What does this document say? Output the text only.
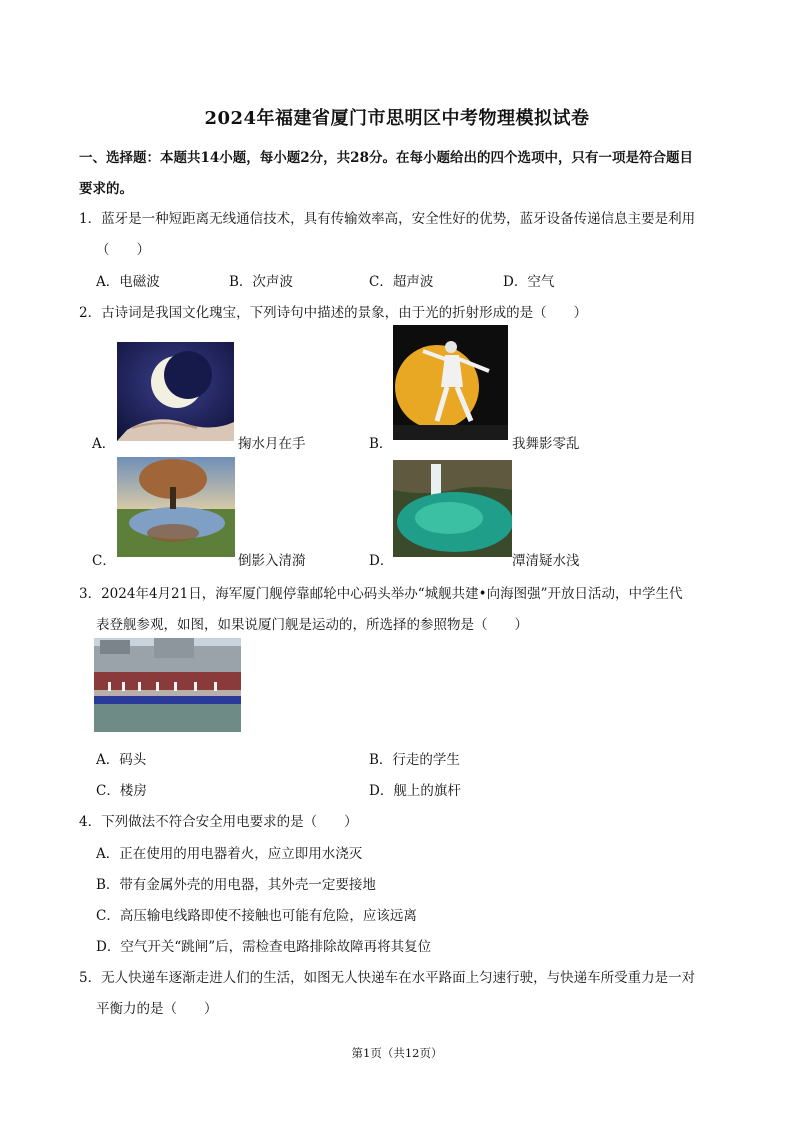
2024年福建省厦门市思明区中考物理模拟试卷
一、选择题：本题共14小题，每小题2分，共28分。在每小题给出的四个选项中，只有一项是符合题目
要求的。
1．蓝牙是一种短距离无线通信技术，具有传输效率高，安全性好的优势，蓝牙设备传递信息主要是利用
（　　）
A．电磁波	B．次声波	C．超声波	D．空气
2．古诗词是我国文化瑰宝，下列诗句中描述的景象，由于光的折射形成的是（　　）
A．	掬水月在手	B．	我舞影零乱
C．	倒影入清漪	D．	潭清疑水浅
3．2024年4月21日，海军厦门舰停靠邮轮中心码头举办“城舰共建•向海图强”开放日活动，中学生代
表登舰参观，如图，如果说厦门舰是运动的，所选择的参照物是（　　）
A．码头	B．行走的学生
C．楼房	D．舰上的旗杆
4．下列做法不符合安全用电要求的是（　　）
A．正在使用的用电器着火，应立即用水浇灭
B．带有金属外壳的用电器，其外壳一定要接地
C．高压输电线路即使不接触也可能有危险，应该远离
D．空气开关“跳闸”后，需检查电路排除故障再将其复位
5．无人快递车逐渐走进人们的生活，如图无人快递车在水平路面上匀速行驶，与快递车所受重力是一对
平衡力的是（　　）
第1页（共12页）
